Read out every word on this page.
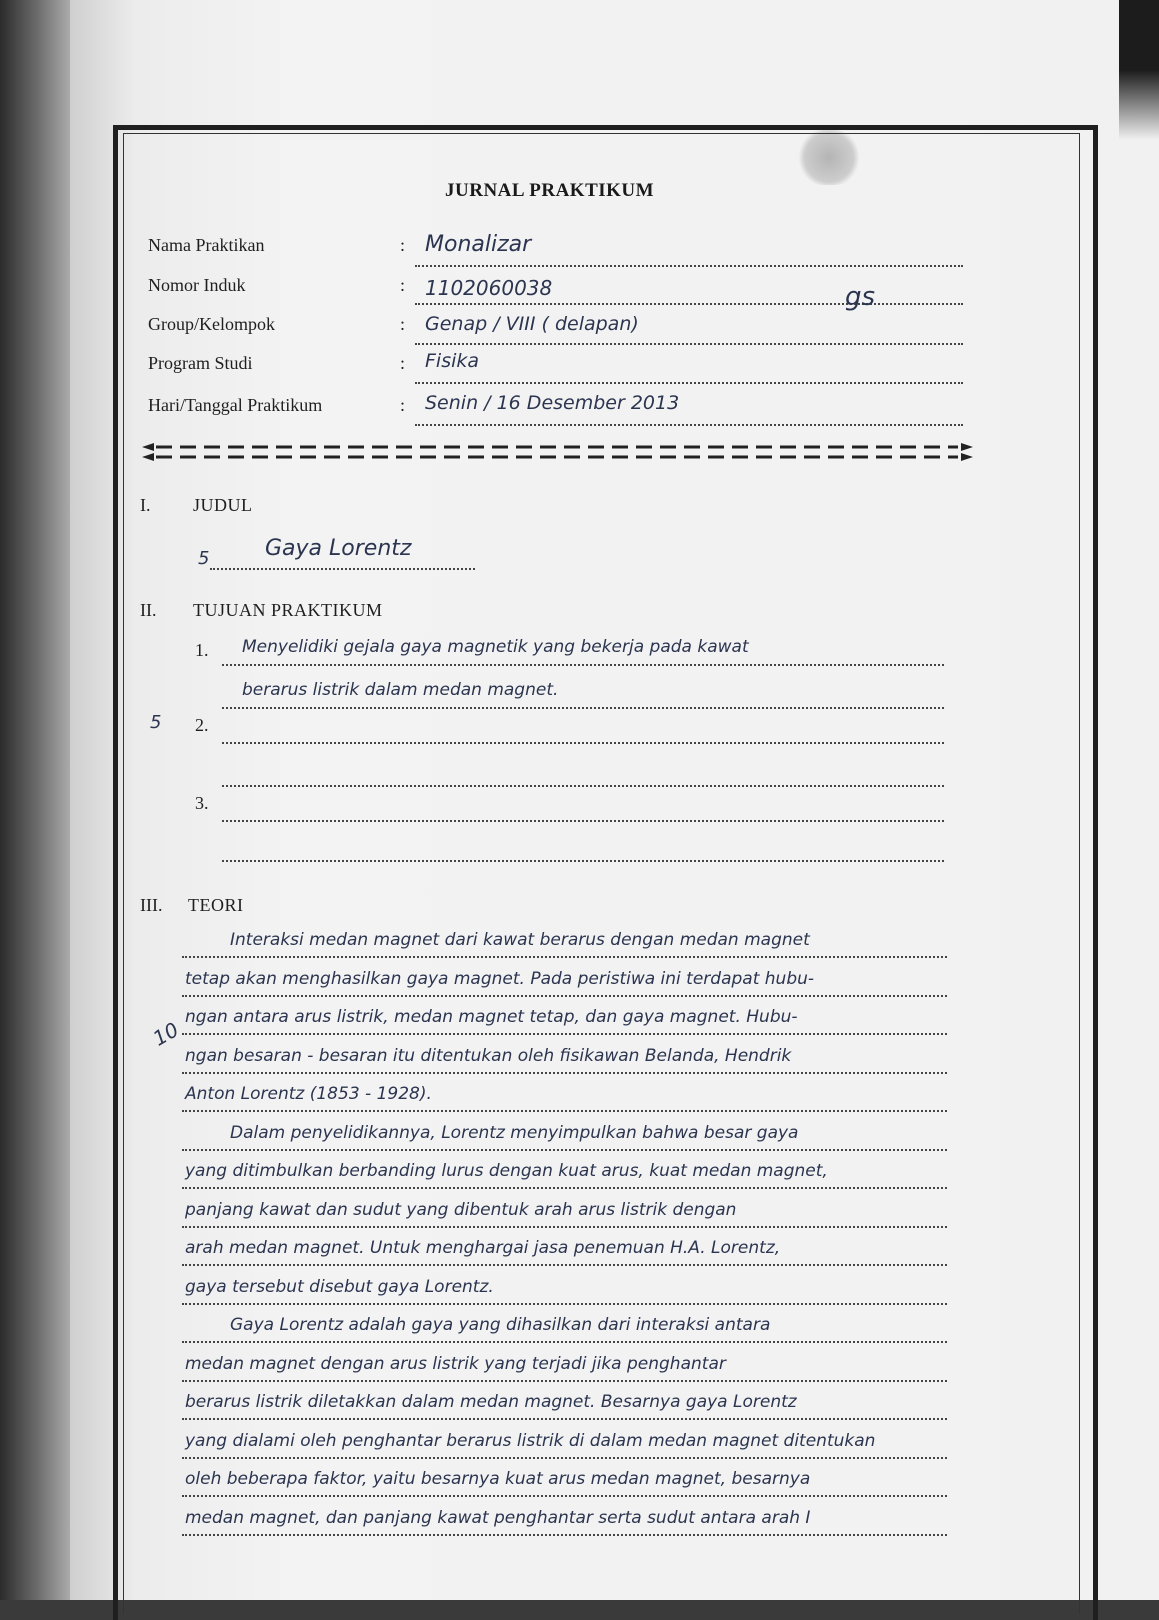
JURNAL PRAKTIKUM
Nama Praktikan	: Monalizar
Nomor Induk	: 1102060038	gs
Group/Kelompok	: Genap / VIII ( delapan)
Program Studi	: Fisika
Hari/Tanggal Praktikum	: Senin / 16 Desember 2013
I. JUDUL
5	Gaya Lorentz
II. TUJUAN PRAKTIKUM
1. Menyelidiki gejala gaya magnetik yang bekerja pada kawat
berarus listrik dalam medan magnet.
5 2.
3.
III. TEORI
10
Interaksi medan magnet dari kawat berarus dengan medan magnet
tetap akan menghasilkan gaya magnet. Pada peristiwa ini terdapat hubu-
ngan antara arus listrik, medan magnet tetap, dan gaya magnet. Hubu-
ngan besaran - besaran itu ditentukan oleh fisikawan Belanda, Hendrik
Anton Lorentz (1853 - 1928).
Dalam penyelidikannya, Lorentz menyimpulkan bahwa besar gaya
yang ditimbulkan berbanding lurus dengan kuat arus, kuat medan magnet,
panjang kawat dan sudut yang dibentuk arah arus listrik dengan
arah medan magnet. Untuk menghargai jasa penemuan H.A. Lorentz,
gaya tersebut disebut gaya Lorentz.
Gaya Lorentz adalah gaya yang dihasilkan dari interaksi antara
medan magnet dengan arus listrik yang terjadi jika penghantar
berarus listrik diletakkan dalam medan magnet. Besarnya gaya Lorentz
yang dialami oleh penghantar berarus listrik di dalam medan magnet ditentukan
oleh beberapa faktor, yaitu besarnya kuat arus medan magnet, besarnya
medan magnet, dan panjang kawat penghantar serta sudut antara arah I
